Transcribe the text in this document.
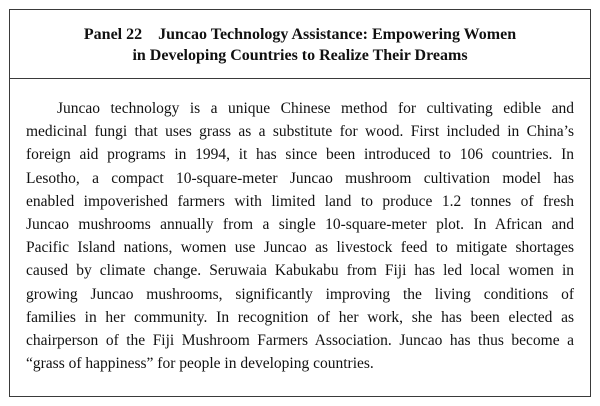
Panel 22    Juncao Technology Assistance: Empowering Women
in Developing Countries to Realize Their Dreams
Juncao technology is a unique Chinese method for cultivating edible and
medicinal fungi that uses grass as a substitute for wood. First included in China’s
foreign aid programs in 1994, it has since been introduced to 106 countries. In
Lesotho, a compact 10-square-meter Juncao mushroom cultivation model has
enabled impoverished farmers with limited land to produce 1.2 tonnes of fresh
Juncao mushrooms annually from a single 10-square-meter plot. In African and
Pacific Island nations, women use Juncao as livestock feed to mitigate shortages
caused by climate change. Seruwaia Kabukabu from Fiji has led local women in
growing Juncao mushrooms, significantly improving the living conditions of
families in her community. In recognition of her work, she has been elected as
chairperson of the Fiji Mushroom Farmers Association. Juncao has thus become a
“grass of happiness” for people in developing countries.
